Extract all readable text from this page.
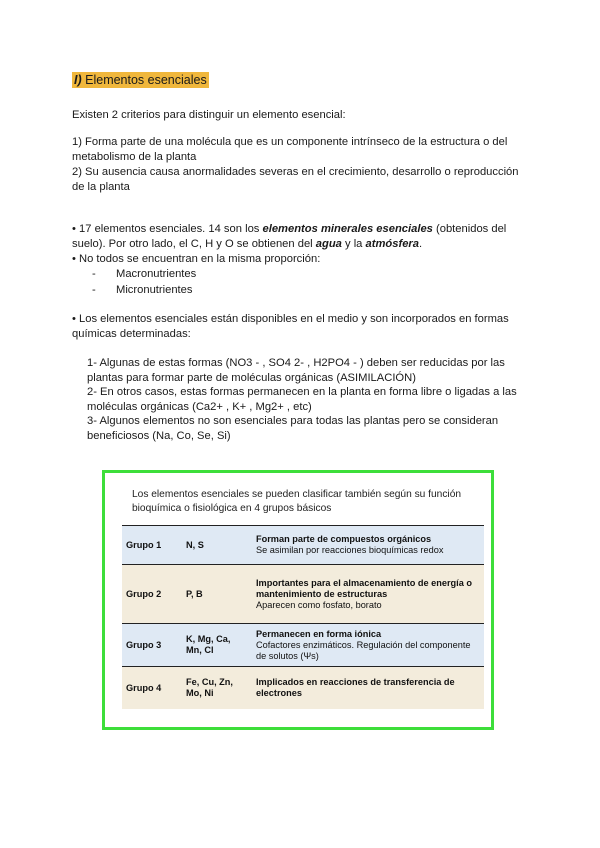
I) Elementos esenciales

Existen 2 criterios para distinguir un elemento esencial:

1) Forma parte de una molécula que es un componente intrínseco de la estructura o del metabolismo de la planta

2) Su ausencia causa anormalidades severas en el crecimiento, desarrollo o reproducción de la planta

• 17 elementos esenciales. 14 son los elementos minerales esenciales (obtenidos del suelo). Por otro lado, el C, H y O se obtienen del agua y la atmósfera.

• No todos se encuentran en la misma proporción:

- Macronutrientes
- Micronutrientes

• Los elementos esenciales están disponibles en el medio y son incorporados en formas químicas determinadas:

1- Algunas de estas formas (NO3 - , SO4 2- , H2PO4 - ) deben ser reducidas por las plantas para formar parte de moléculas orgánicas (ASIMILACIÓN)

2- En otros casos, estas formas permanecen en la planta en forma libre o ligadas a las moléculas orgánicas (Ca2+ , K+ , Mg2+ , etc)

3- Algunos elementos no son esenciales para todas las plantas pero se consideran beneficiosos (Na, Co, Se, Si)

Los elementos esenciales se pueden clasificar también según su función bioquímica o fisiológica en 4 grupos básicos
Grupo 1	N, S	Forman parte de compuestos orgánicos
Se asimilan por reacciones bioquímicas redox

Grupo 2	P, B	Importantes para el almacenamiento de energía o mantenimiento de estructuras
Aparecen como fosfato, borato

Grupo 3	K, Mg, Ca, Mn, Cl	Permanecen en forma iónica
Cofactores enzimáticos. Regulación del componente de solutos (Ψs)

Grupo 4	Fe, Cu, Zn, Mo, Ni	Implicados en reacciones de transferencia de electrones
